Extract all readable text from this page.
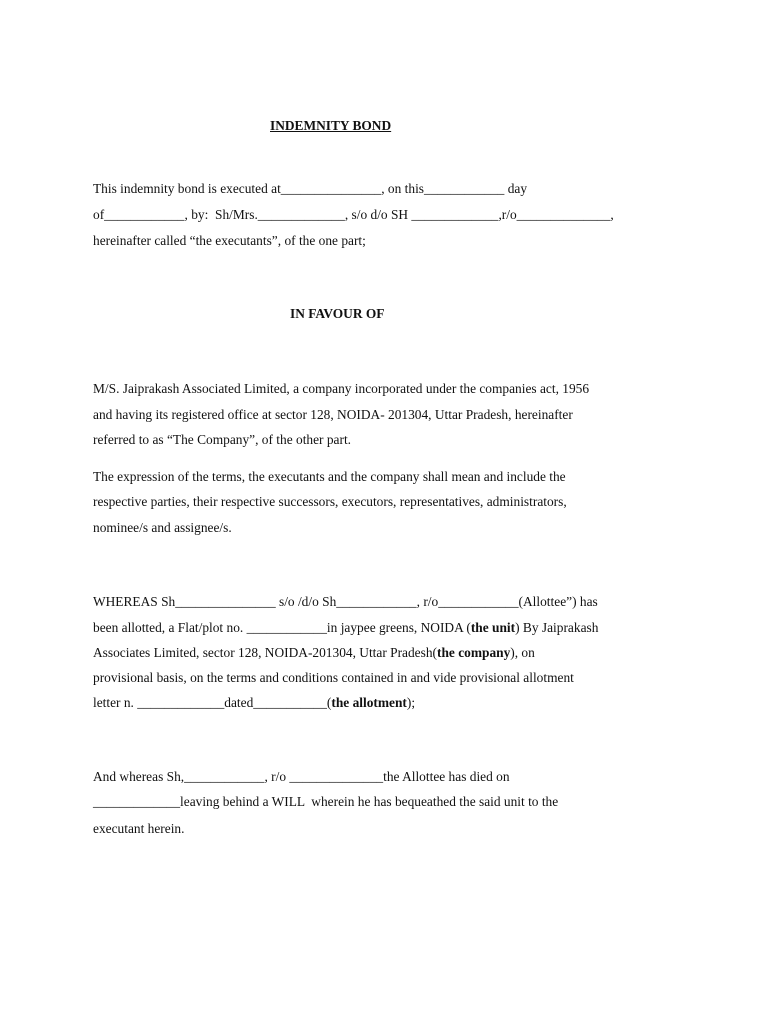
INDEMNITY BOND
This indemnity bond is executed at_______________, on this____________ day
of____________, by:  Sh/Mrs._____________, s/o d/o SH _____________,r/o______________,
hereinafter called “the executants”, of the one part;
IN FAVOUR OF
M/S. Jaiprakash Associated Limited, a company incorporated under the companies act, 1956
and having its registered office at sector 128, NOIDA- 201304, Uttar Pradesh, hereinafter
referred to as “The Company”, of the other part.
The expression of the terms, the executants and the company shall mean and include the
respective parties, their respective successors, executors, representatives, administrators,
nominee/s and assignee/s.
WHEREAS Sh_______________ s/o /d/o Sh____________, r/o____________(Allottee”) has
been allotted, a Flat/plot no. ____________in jaypee greens, NOIDA (the unit) By Jaiprakash
Associates Limited, sector 128, NOIDA-201304, Uttar Pradesh(the company), on
provisional basis, on the terms and conditions contained in and vide provisional allotment
letter n. _____________dated___________(the allotment);
And whereas Sh,____________, r/o ______________the Allottee has died on
_____________leaving behind a WILL  wherein he has bequeathed the said unit to the
executant herein.
